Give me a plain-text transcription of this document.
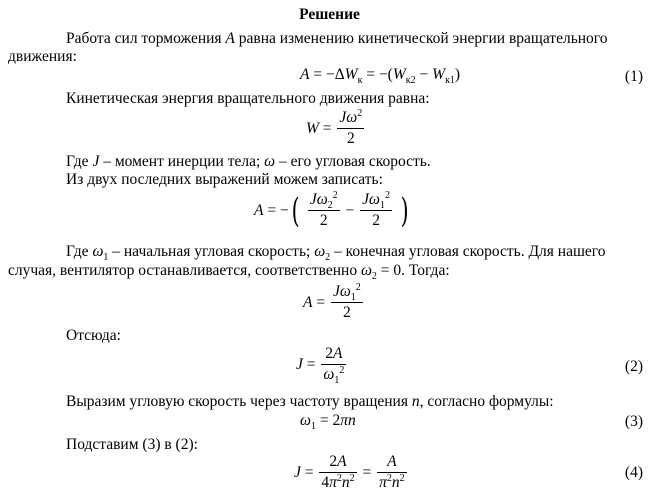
Решение
Работа сил торможения A равна изменению кинетической энергии вращательного
движения:
$A = -\Delta W_к = -(W_{к2} - W_{к1})$	(1)
Кинетическая энергия вращательного движения равна:
$W = \frac{J\omega^2}{2}$
Где J – момент инерции тела; ω – его угловая скорость.
Из двух последних выражений можем записать:
A = −( $\frac{J\omega_2^2}{2} - \frac{J\omega_1^2}{2}$ )
Где $\omega_1$ – начальная угловая скорость; $\omega_2$ – конечная угловая скорость. Для нашего
случая, вентилятор останавливается, соответственно $\omega_2 = 0$. Тогда:
$A = \frac{J\omega_1^2}{2}$
Отсюда:
$J = \frac{2A}{\omega_1^2}$	(2)
Выразим угловую скорость через частоту вращения n, согласно формулы:
$\omega_1 = 2\pi n$	(3)
Подставим (3) в (2):
$J = \frac{2A}{4\pi^2n^2} = \frac{A}{\pi^2n^2}$	(4)
